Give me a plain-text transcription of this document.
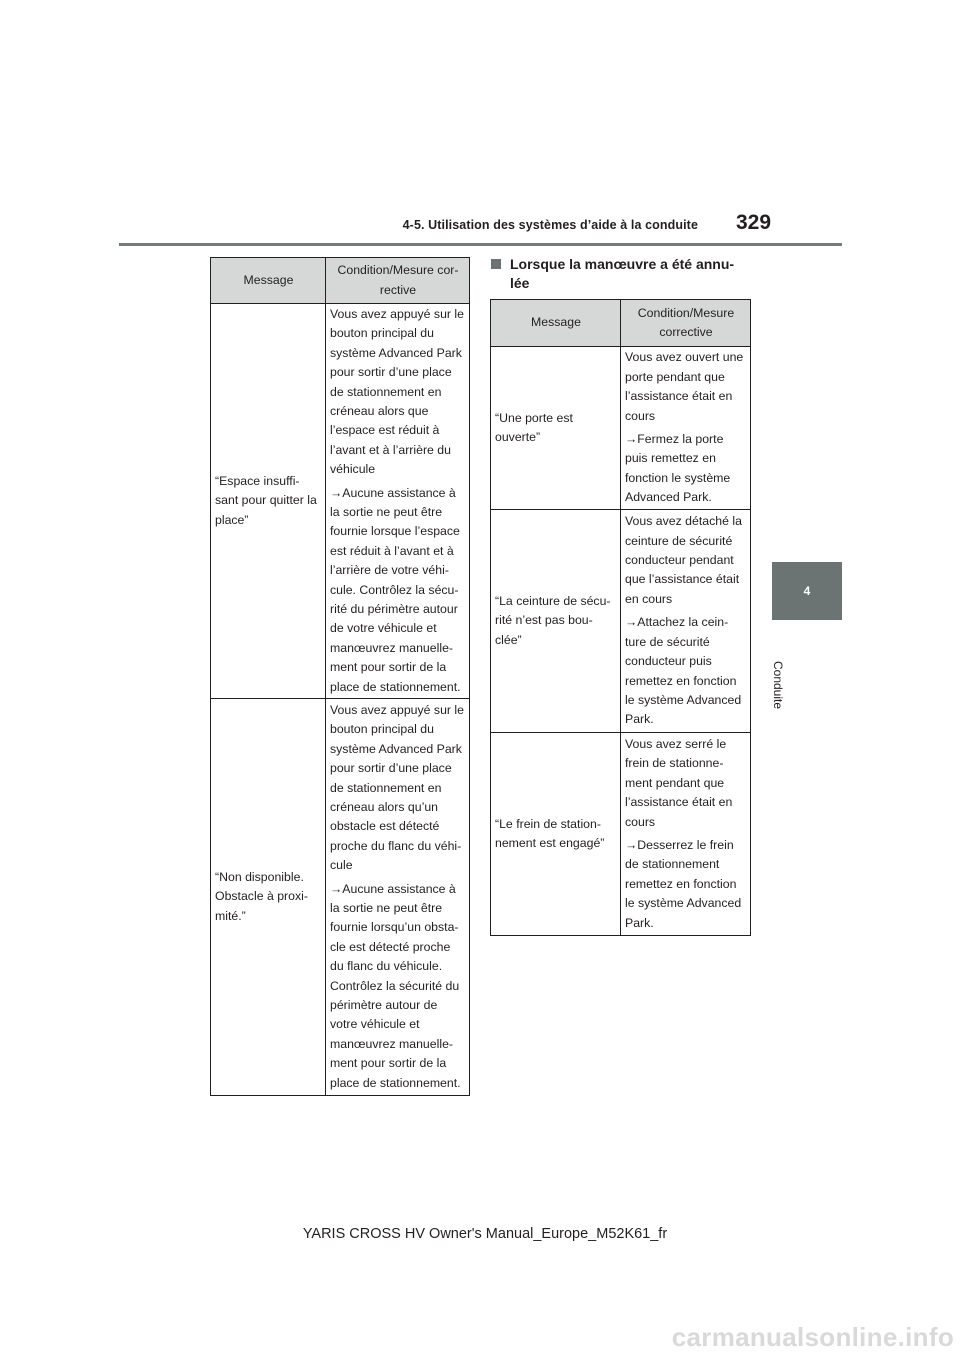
4-5. Utilisation des systèmes d’aide à la conduite 329
4
Conduite
Message	Condition/Mesure cor-rective
“Espace insuffi-sant pour quitter la place”	Vous avez appuyé sur le bouton principal du système Advanced Park pour sortir d’une place de stationnement en créneau alors que l’espace est réduit à l’avant et à l’arrière du véhicule

→Aucune assistance à la sortie ne peut être fournie lorsque l’espace est réduit à l’avant et à l’arrière de votre véhi-cule. Contrôlez la sécu-rité du périmètre autour de votre véhicule et manœuvrez manuelle-ment pour sortir de la place de stationnement.

“Non disponible. Obstacle à proxi-mité.”	Vous avez appuyé sur le bouton principal du système Advanced Park pour sortir d’une place de stationnement en créneau alors qu’un obstacle est détecté proche du flanc du véhi-cule

→Aucune assistance à la sortie ne peut être fournie lorsqu’un obsta-cle est détecté proche du flanc du véhicule. Contrôlez la sécurité du périmètre autour de votre véhicule et manœuvrez manuelle-ment pour sortir de la place de stationnement.

Lorsque la manœuvre a été annu-
lée
Message	Condition/Mesure corrective
“Une porte est ouverte”	Vous avez ouvert une porte pendant que l’assistance était en cours

→Fermez la porte puis remettez en fonction le système Advanced Park.

“La ceinture de sécu-rité n’est pas bou-clée”	Vous avez détaché la ceinture de sécurité conducteur pendant que l’assistance était en cours

→Attachez la cein-ture de sécurité conducteur puis remettez en fonction le système Advanced Park.

“Le frein de station-nement est engagé”	Vous avez serré le frein de stationne-ment pendant que l’assistance était en cours

→Desserrez le frein de stationnement remettez en fonction le système Advanced Park.

YARIS CROSS HV Owner's Manual_Europe_M52K61_fr
carmanualsonline.info
